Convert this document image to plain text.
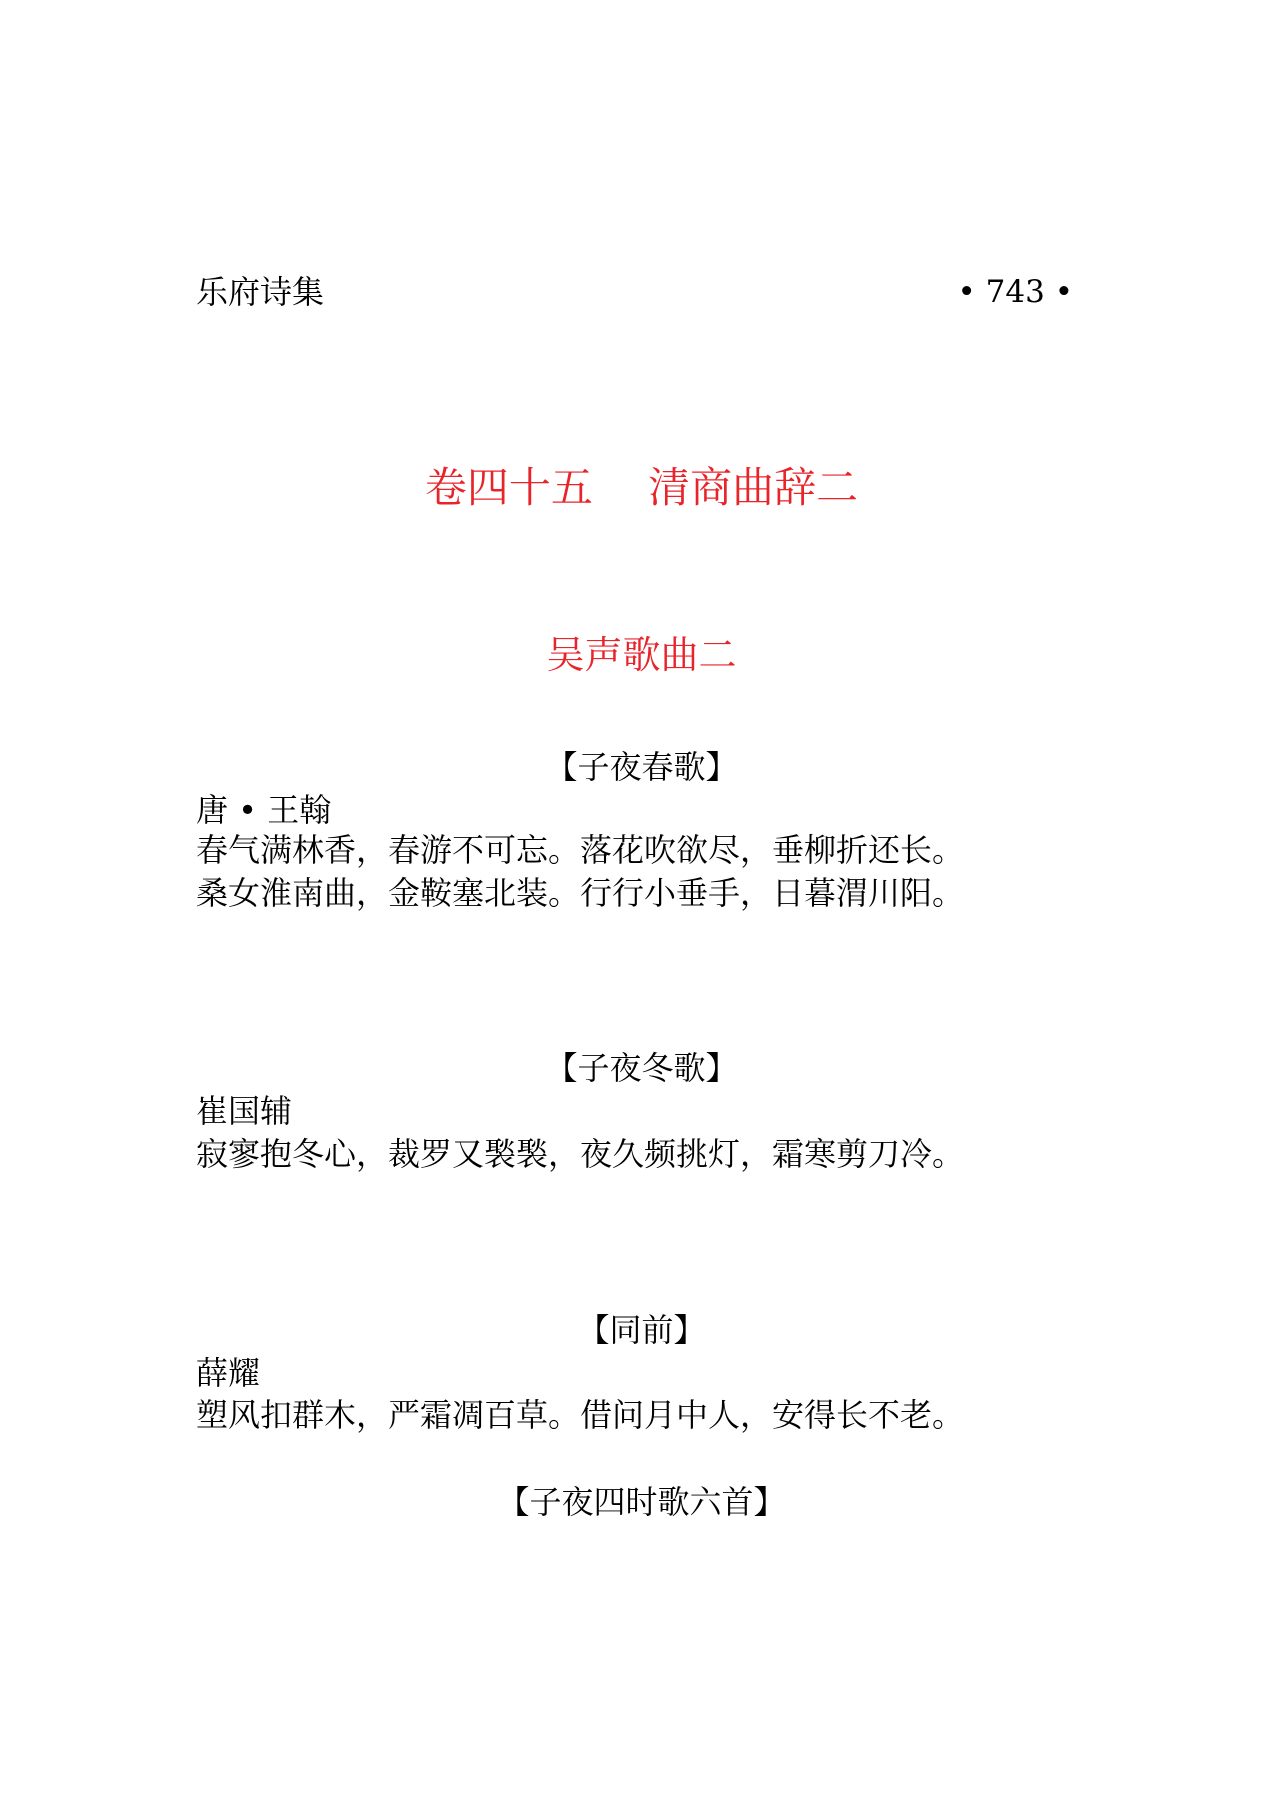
乐府诗集	• 743 •
卷四十五　 清商曲辞二
吴声歌曲二
【子夜春歌】
唐 • 王翰
春气满林香，春游不可忘。落花吹欲尽，垂柳折还长。
桑女淮南曲，金鞍塞北装。行行小垂手，日暮渭川阳。
【子夜冬歌】
崔国辅
寂寥抱冬心，裁罗又褧褧，夜久频挑灯，霜寒剪刀冷。
【同前】
薛耀
塑风扣群木，严霜凋百草。借问月中人，安得长不老。
【子夜四时歌六首】
